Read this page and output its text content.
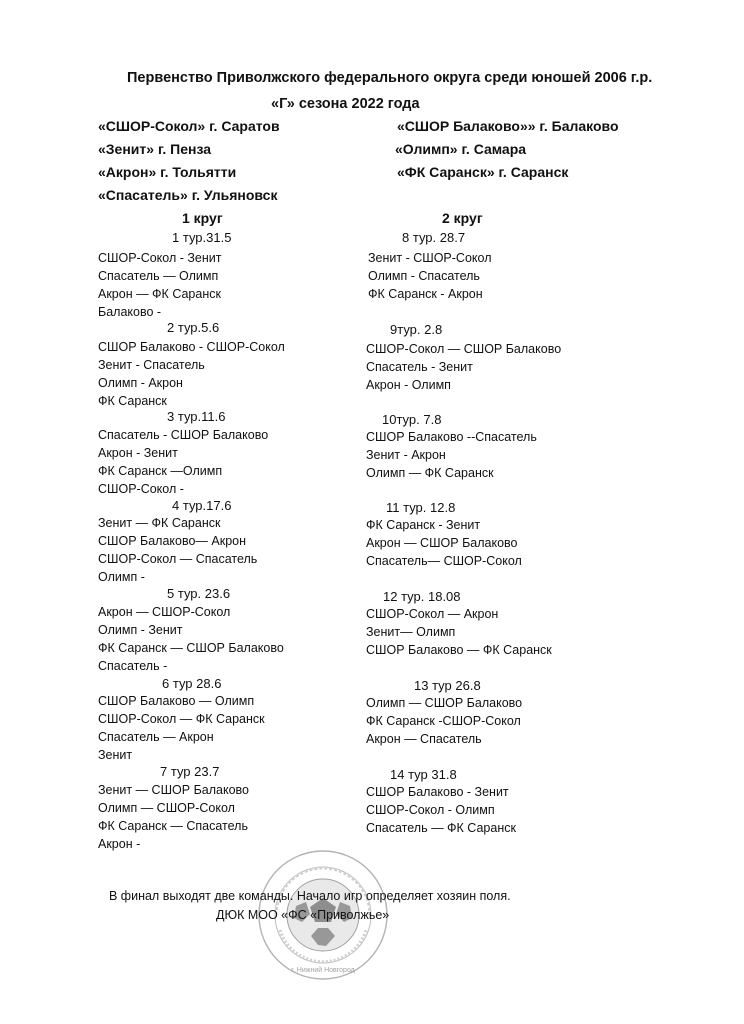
Первенство Приволжского федерального округа среди юношей 2006 г.р.
«Г» сезона 2022 года
«СШОР-Сокол» г. Саратов
«Зенит» г. Пенза
«Акрон» г. Тольятти
«Спасатель» г. Ульяновск
«СШОР Балаково»» г. Балаково
«Олимп» г. Самара
«ФК Саранск» г. Саранск
1 круг	2 круг
1 тур.31.5
СШОР-Сокол - Зенит
Спасатель — Олимп
Акрон — ФК Саранск
Балаково -
2 тур.5.6
СШОР Балаково - СШОР-Сокол
Зенит - Спасатель
Олимп - Акрон
ФК Саранск
3 тур.11.6
Спасатель - СШОР Балаково
Акрон - Зенит
ФК Саранск —Олимп
СШОР-Сокол -
4 тур.17.6
Зенит — ФК Саранск
СШОР Балаково— Акрон
СШОР-Сокол — Спасатель
Олимп -
5 тур. 23.6
Акрон — СШОР-Сокол
Олимп - Зенит
ФК Саранск — СШОР Балаково
Спасатель -
6 тур 28.6
СШОР Балаково — Олимп
СШОР-Сокол — ФК Саранск
Спасатель — Акрон
Зенит
7 тур 23.7
Зенит — СШОР Балаково
Олимп — СШОР-Сокол
ФК Саранск — Спасатель
Акрон -
8 тур. 28.7
Зенит - СШОР-Сокол
Олимп - Спасатель
ФК Саранск - Акрон
9тур. 2.8
СШОР-Сокол — СШОР Балаково
Спасатель - Зенит
Акрон - Олимп
10тур. 7.8
СШОР Балаково --Спасатель
Зенит - Акрон
Олимп — ФК Саранск
11 тур. 12.8
ФК Саранск - Зенит
Акрон — СШОР Балаково
Спасатель— СШОР-Сокол
12 тур. 18.08
СШОР-Сокол — Акрон
Зенит— Олимп
СШОР Балаково — ФК Саранск
13 тур 26.8
Олимп — СШОР Балаково
ФК Саранск -СШОР-Сокол
Акрон — Спасатель
14 тур 31.8
СШОР Балаково - Зенит
СШОР-Сокол - Олимп
Спасатель — ФК Саранск
г. Нижний Новгород
В финал выходят две команды. Начало игр определяет хозяин поля.
ДЮК МОО «ФС «Приволжье»
